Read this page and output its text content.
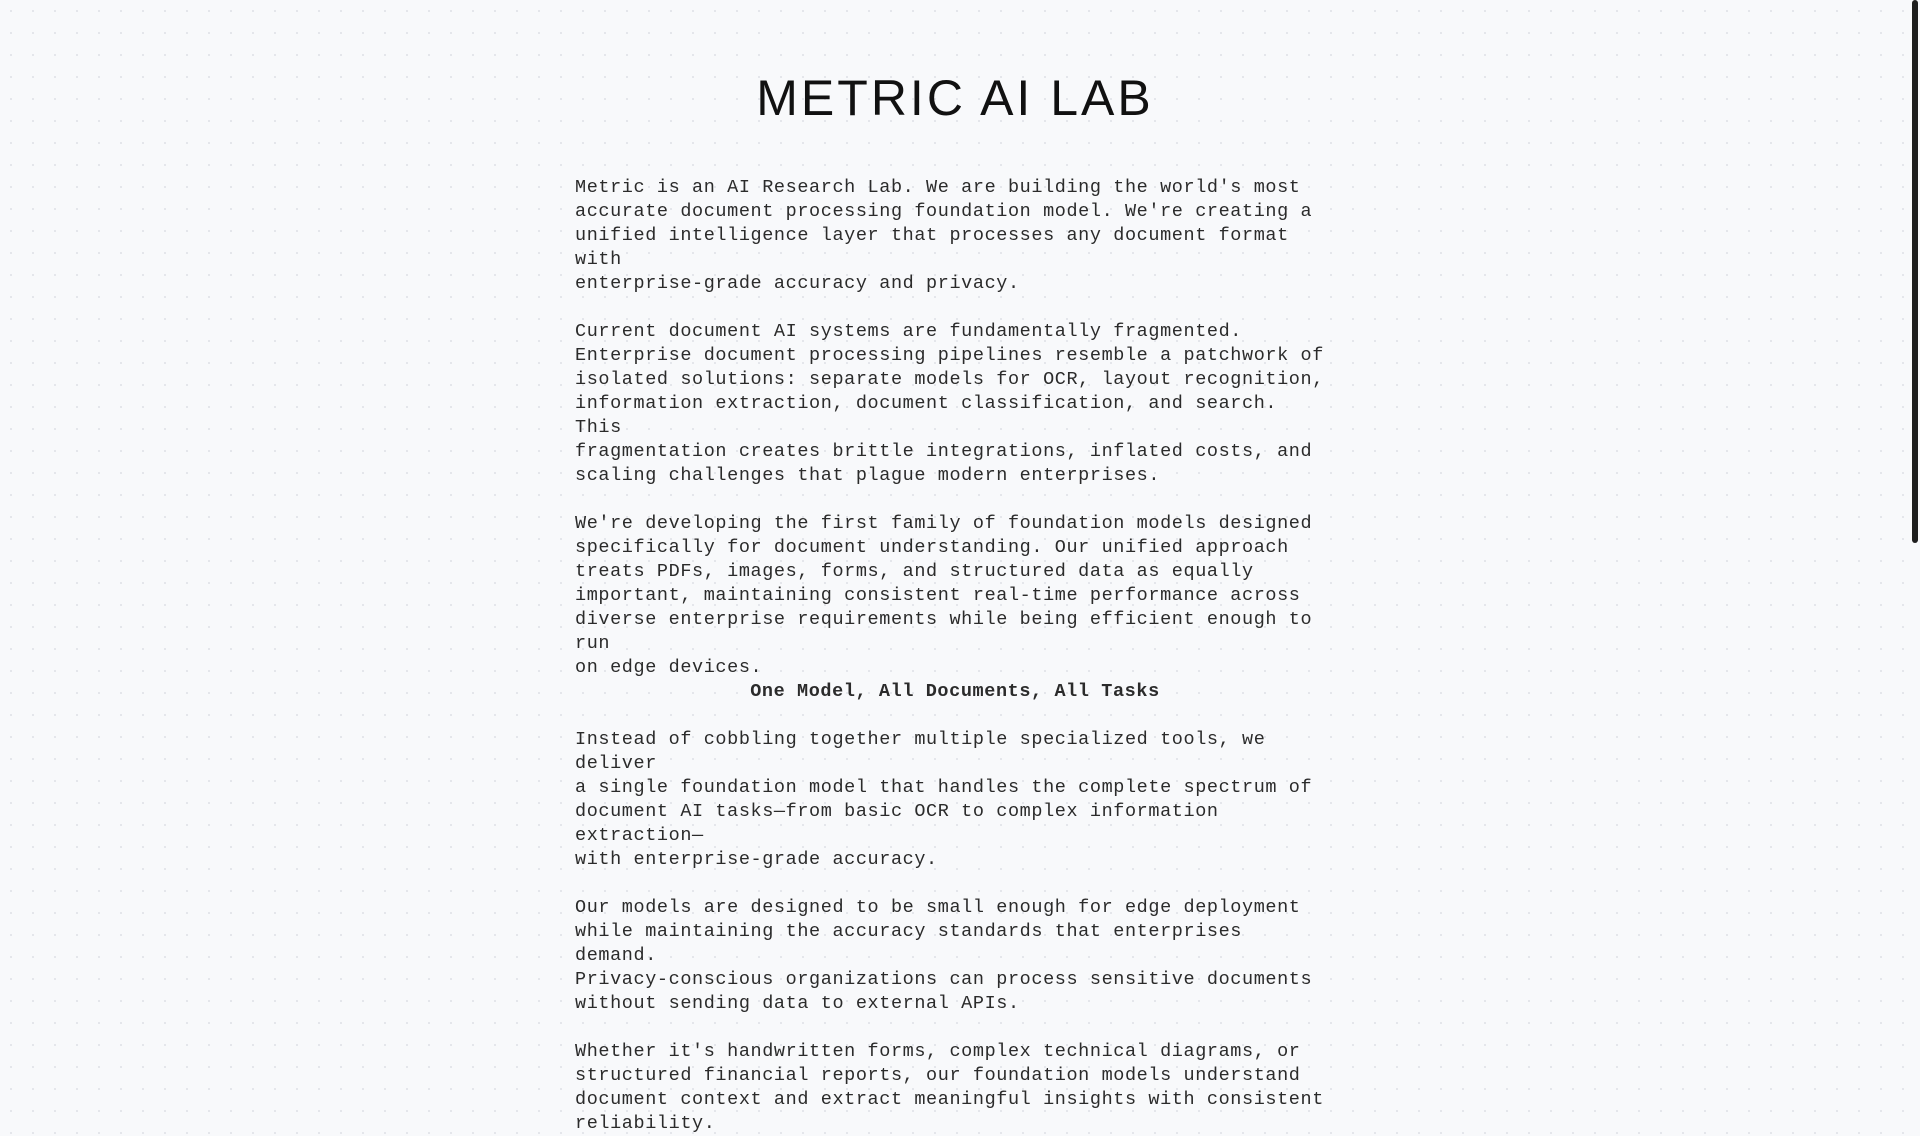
METRIC AI LAB

Metric is an AI Research Lab. We are building the world's most
accurate document processing foundation model. We're creating a
unified intelligence layer that processes any document format with
enterprise-grade accuracy and privacy.

Current document AI systems are fundamentally fragmented.
Enterprise document processing pipelines resemble a patchwork of
isolated solutions: separate models for OCR, layout recognition,
information extraction, document classification, and search. This
fragmentation creates brittle integrations, inflated costs, and
scaling challenges that plague modern enterprises.

We're developing the first family of foundation models designed
specifically for document understanding. Our unified approach
treats PDFs, images, forms, and structured data as equally
important, maintaining consistent real-time performance across
diverse enterprise requirements while being efficient enough to run
on edge devices.

One Model, All Documents, All Tasks

Instead of cobbling together multiple specialized tools, we deliver
a single foundation model that handles the complete spectrum of
document AI tasks—from basic OCR to complex information extraction—
with enterprise-grade accuracy.

Our models are designed to be small enough for edge deployment
while maintaining the accuracy standards that enterprises demand.
Privacy-conscious organizations can process sensitive documents
without sending data to external APIs.

Whether it's handwritten forms, complex technical diagrams, or
structured financial reports, our foundation models understand
document context and extract meaningful insights with consistent
reliability.
